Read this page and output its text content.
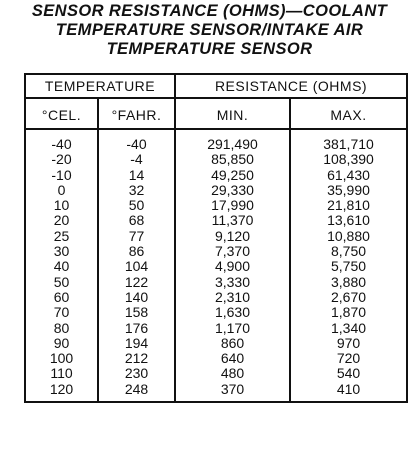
SENSOR RESISTANCE (OHMS)—COOLANT
TEMPERATURE SENSOR/INTAKE AIR
TEMPERATURE SENSOR
TEMPERATURE		RESISTANCE (OHMS)	
°CEL.	°FAHR.	MIN.	MAX.
-40	-40	291,490	381,710
-20	-4	85,850	108,390
-10	14	49,250	61,430
0	32	29,330	35,990
10	50	17,990	21,810
20	68	11,370	13,610
25	77	9,120	10,880
30	86	7,370	8,750
40	104	4,900	5,750
50	122	3,330	3,880
60	140	2,310	2,670
70	158	1,630	1,870
80	176	1,170	1,340
90	194	860	970
100	212	640	720
110	230	480	540
120	248	370	410
